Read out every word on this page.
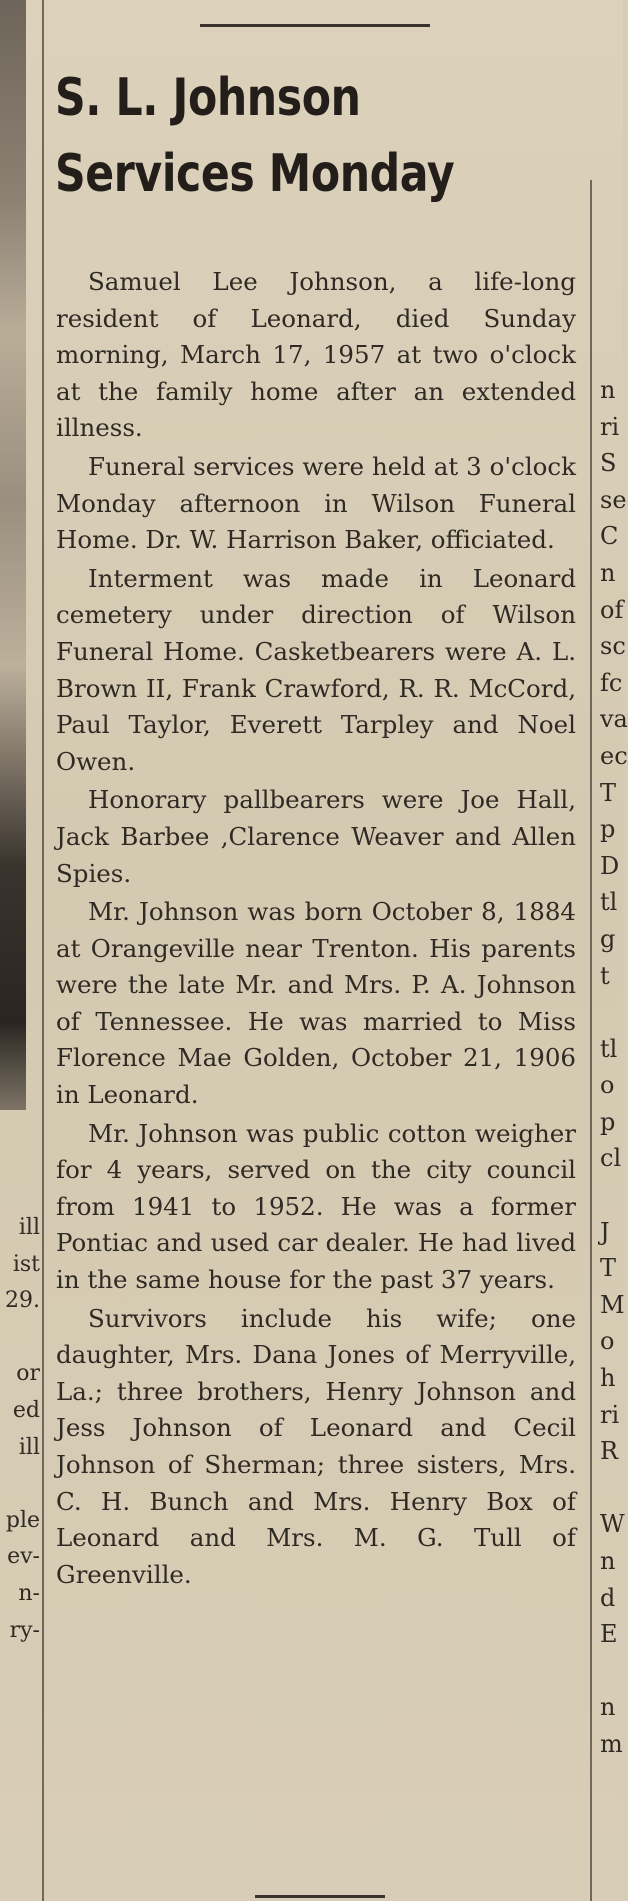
S. L. Johnson
Services Monday

Samuel Lee Johnson, a life-long resident of Leonard, died Sunday morning, March 17, 1957 at two o'clock at the family home after an extended illness.

Funeral services were held at 3 o'clock Monday afternoon in Wilson Funeral Home. Dr. W. Harrison Baker, officiated.

Interment was made in Leonard cemetery under direction of Wilson Funeral Home. Casketbearers were A. L. Brown II, Frank Crawford, R. R. McCord, Paul Taylor, Everett Tarpley and Noel Owen.

Honorary pallbearers were Joe Hall, Jack Barbee ,Clarence Weaver and Allen Spies.

Mr. Johnson was born October 8, 1884 at Orangeville near Trenton. His parents were the late Mr. and Mrs. P. A. Johnson of Tennessee. He was married to Miss Florence Mae Golden, October 21, 1906 in Leonard.

Mr. Johnson was public cotton weigher for 4 years, served on the city council from 1941 to 1952. He was a former Pontiac and used car dealer. He had lived in the same house for the past 37 years.

Survivors include his wife; one daughter, Mrs. Dana Jones of Merryville, La.; three brothers, Henry Johnson and Jess Johnson of Leonard and Cecil Johnson of Sherman; three sisters, Mrs. C. H. Bunch and Mrs. Henry Box of Leonard and Mrs. M. G. Tull of Greenville.

n
ri
S
se
C
n
of
sc
fc
va
ec
T
p
D
tl
g
t
tl
o
p
cl
J
T
M
o
h
ri
R
W
n
d
E
n
m
ill
ist
29.
or
ed
ill
ple
ev-
n-
ry-
